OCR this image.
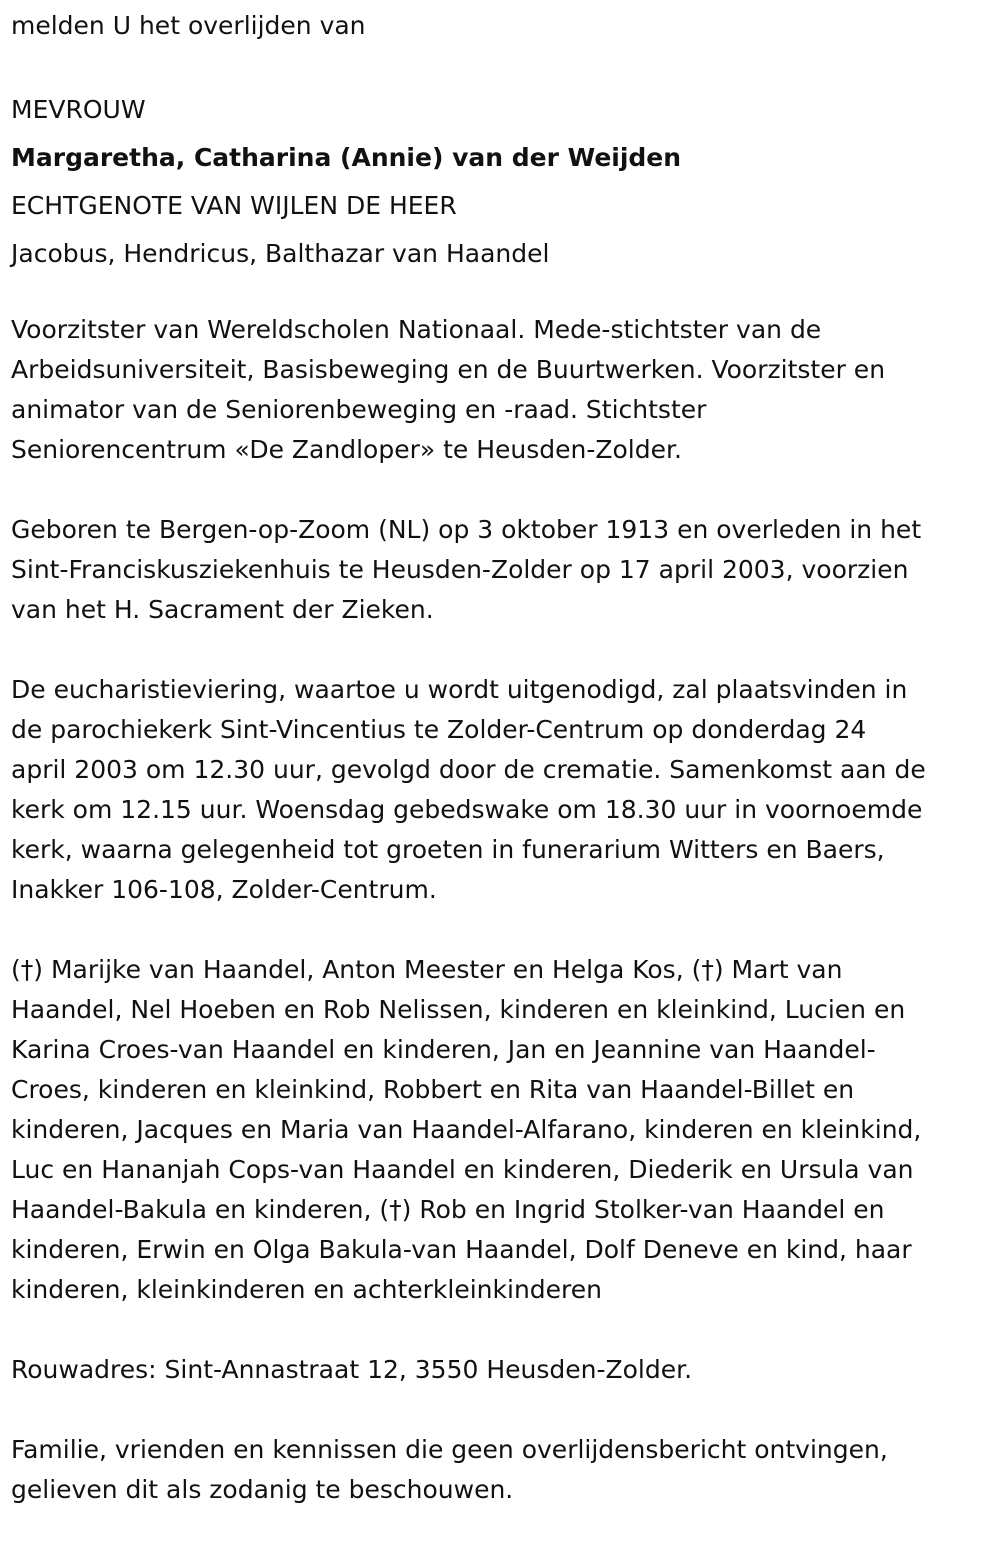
melden U het overlijden van
MEVROUW
Margaretha, Catharina (Annie) van der Weijden
ECHTGENOTE VAN WIJLEN DE HEER
Jacobus, Hendricus, Balthazar van Haandel

Voorzitster van Wereldscholen Nationaal. Mede-stichtster van de
Arbeidsuniversiteit, Basisbeweging en de Buurtwerken. Voorzitster en
animator van de Seniorenbeweging en -raad. Stichtster
Seniorencentrum «De Zandloper» te Heusden-Zolder.

Geboren te Bergen-op-Zoom (NL) op 3 oktober 1913 en overleden in het
Sint-Franciskusziekenhuis te Heusden-Zolder op 17 april 2003, voorzien
van het H. Sacrament der Zieken.

De eucharistieviering, waartoe u wordt uitgenodigd, zal plaatsvinden in
de parochiekerk Sint-Vincentius te Zolder-Centrum op donderdag 24
april 2003 om 12.30 uur, gevolgd door de crematie. Samenkomst aan de
kerk om 12.15 uur. Woensdag gebedswake om 18.30 uur in voornoemde
kerk, waarna gelegenheid tot groeten in funerarium Witters en Baers,
Inakker 106-108, Zolder-Centrum.

(†) Marijke van Haandel, Anton Meester en Helga Kos, (†) Mart van
Haandel, Nel Hoeben en Rob Nelissen, kinderen en kleinkind, Lucien en
Karina Croes-van Haandel en kinderen, Jan en Jeannine van Haandel-
Croes, kinderen en kleinkind, Robbert en Rita van Haandel-Billet en
kinderen, Jacques en Maria van Haandel-Alfarano, kinderen en kleinkind,
Luc en Hananjah Cops-van Haandel en kinderen, Diederik en Ursula van
Haandel-Bakula en kinderen, (†) Rob en Ingrid Stolker-van Haandel en
kinderen, Erwin en Olga Bakula-van Haandel, Dolf Deneve en kind, haar
kinderen, kleinkinderen en achterkleinkinderen

Rouwadres: Sint-Annastraat 12, 3550 Heusden-Zolder.

Familie, vrienden en kennissen die geen overlijdensbericht ontvingen,
gelieven dit als zodanig te beschouwen.
